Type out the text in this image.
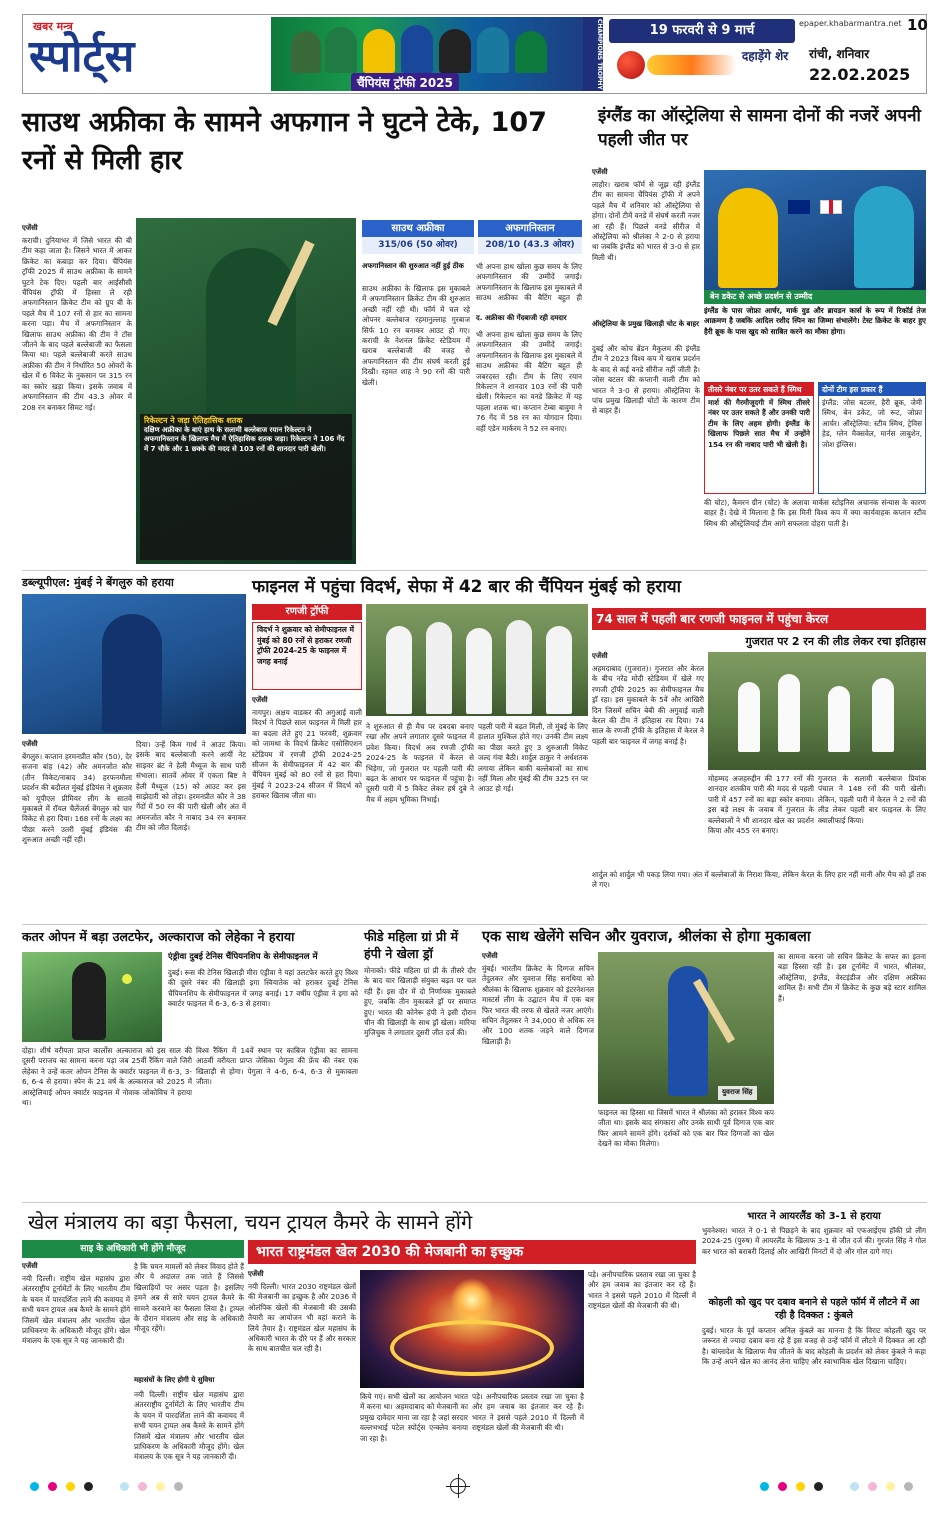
खबर मन्त्र
स्पोर्ट्स
चैंपियंस ट्रॉफी 2025	CHAMPIONS TROPHY	19 फरवरी से 9 मार्च
दहाड़ेंगे शेर
epaper.khabarmantra.net 10
रांची, शनिवार
22.02.2025
साउथ अफ्रीका के सामने अफगान ने घुटने टेके, 107 रनों से मिली हार
एजेंसी
कराची। दुनियाभर में जिसे भारत की बी टीम कहा जाता है। जिसने भारत में आकर क्रिकेट का कबाड़ा कर दिया। चैंपियंस ट्रॉफी 2025 में साउथ अफ्रीका के सामने घुटने टेक दिए। पहली बार आईसीसी चैंपियंस ट्रॉफी में हिस्सा ले रही अफगानिस्तान क्रिकेट टीम को ग्रुप बी के पहले मैच में 107 रनों से हार का सामना करना पड़ा। मैच में अफगानिस्तान के खिलाफ साउथ अफ्रीका की टीम ने टॉस जीतने के बाद पहले बल्लेबाजी का फैसला किया था। पहले बल्लेबाजी करते साउथ अफ्रीका की टीम ने निर्धारित 50 ओवरों के खेल में 6 विकेट के नुकसान पर 315 रन का स्कोर खड़ा किया। इसके जवाब में अफगानिस्तान की टीम 43.3 ओवर में 208 रन बनाकर सिमट गई।
रिकेल्टन ने जड़ा ऐतिहासिक शतक
दक्षिण अफ्रीका के बाएं हाथ के सलामी बल्लेबाज रयान रिकेल्टन ने अफगानिस्तान के खिलाफ मैच में ऐतिहासिक शतक जड़ा। रिकेल्टन ने 106 गेंद में 7 चौके और 1 छक्के की मदद से 103 रनों की शानदार पारी खेली।
साउथ अफ्रीका
315/06 (50 ओवर)
अफगानिस्तान
208/10 (43.3 ओवर)
अफगानिस्तान की शुरुआत नहीं हुई ठीक
साउथ अफ्रीका के खिलाफ इस मुकाबले में अफगानिस्तान क्रिकेट टीम की शुरुआत अच्छी नहीं रही थी। फॉर्म में चल रहे ओपनर बल्लेबाज रहमानुल्लाह गुरबाज सिर्फ 10 रन बनाकर आउट हो गए। कराची के नेशनल क्रिकेट स्टेडियम में खराब बल्लेबाजी की वजह से अफगानिस्तान की टीम संघर्ष करती हुई दिखी। रहमत शाह ने 90 रनों की पारी खेली।
भी अपना हाथ खोला कुछ समय के लिए अफगानिस्तान की उम्मीदें जगाईं। अफगानिस्तान के खिलाफ इस मुकाबले में साउथ अफ्रीका की बैटिंग बहुत ही
द. अफ्रीका की गेंदबाजी रही दमदार
भी अपना हाथ खोला कुछ समय के लिए अफगानिस्तान की उम्मीदें जगाईं। अफगानिस्तान के खिलाफ इस मुकाबले में साउथ अफ्रीका की बैटिंग बहुत ही जबरदस्त रही। टीम के लिए रयान रिकेल्टन ने शानदार 103 रनों की पारी खेली। रिकेल्टन का वनडे क्रिकेट में यह पहला शतक था। कप्तान टेम्बा बावुमा ने 76 गेंद में 58 रन का योगदान दिया। वहीं एडेन मार्करम ने 52 रन बनाए।
इंग्लैंड का ऑस्ट्रेलिया से सामना दोनों की नजरें अपनी पहली जीत पर
एजेंसी
लाहौर। खराब फॉर्म से जूझ रही इंग्लैंड टीम का सामना चैंपियंस ट्रॉफी में अपने पहले मैच में शनिवार को ऑस्ट्रेलिया से होगा। दोनों टीमें वनडे में संघर्ष करती नजर आ रही हैं। पिछले वनडे सीरीज में ऑस्ट्रेलिया को श्रीलंका ने 2-0 से हराया था जबकि इंग्लैंड को भारत से 3-0 से हार मिली थी।
ऑस्ट्रेलिया के प्रमुख खिलाड़ी चोट के बाहर
दुबई और कोच ब्रेंडन मैकुलम की इंग्लैंड टीम ने 2023 विश्व कप में खराब प्रदर्शन के बाद से कई वनडे सीरीज नहीं जीती है। जोस बटलर की कप्तानी वाली टीम को भारत ने 3-0 से हराया। ऑस्ट्रेलिया के पांच प्रमुख खिलाड़ी चोटों के कारण टीम से बाहर हैं।
बेन डकेट से अच्छे प्रदर्शन से उम्मीद
इंग्लैंड के पास जोफ्रा आर्चर, मार्क वुड और ब्रायडन कार्स के रूप में रिकॉर्ड तेज आक्रमण है जबकि आदिल रशीद स्पिन का जिम्मा संभालेंगे। टेस्ट क्रिकेट के बाहर हुए हैरी ब्रूक के पास खुद को साबित करने का मौका होगा।
तीसरे नंबर पर उतर सकते हैं स्मिथ
मार्श की गैरमौजूदगी में स्मिथ तीसरे नंबर पर उतर सकते हैं और उनकी पारी टीम के लिए अहम होगी। इंग्लैंड के खिलाफ पिछले सात मैच में उन्होंने 154 रन की नाबाद पारी भी खेली है।
दोनों टीम इस प्रकार हैं
इंग्लैंड: जोस बटलर, हैरी ब्रूक, जेमी स्मिथ, बेन डकेट, जो रूट, जोफ्रा आर्चर। ऑस्ट्रेलिया: स्टीव स्मिथ, ट्रेविस हेड, ग्लेन मैक्सवेल, मार्नस लाबुशेन, जोश इंग्लिस।
की चोट), कैमरन ग्रीन (चोट) के अलावा मार्कस स्टोइनिस अचानक संन्यास के कारण बाहर हैं। देखे में मिलाना है कि इस मिनी विश्व कप में क्या कार्यवाहक कप्तान स्टीव स्मिथ की ऑस्ट्रेलियाई टीम आगे सफलता दोहरा पाती है।
डब्ल्यूपीएल: मुंबई ने बेंगलुरु को हराया
एजेंसी
बेंगलुरु। कप्तान हरमनप्रीत कौर (50), देर सजना बांह (42) और अमनजोत कौर (तीन विकेट/नाबाद 34) हरफनमौला प्रदर्शन की बदौलत मुंबई इंडियंस ने शुक्रवार को यूपीएल प्रीमियर लीग के सातवें मुकाबले में रॉयल चैलेंजर्स बेंगलुरु को चार विकेट से हरा दिया। 168 रनों के लक्ष्य का पीछा करने उतरी मुंबई इंडियंस की शुरुआत अच्छी नहीं रही।
दिया। उन्हें किम गार्थ ने आउट किया। इसके बाद बल्लेबाजी करने आयीं नेट साइवर ब्रंट ने हेली मैथ्यूज के साथ पारी संभाला। सातवें ओवर में एकता बिष्ट ने हेली मैथ्यूज (15) को आउट कर इस साझेदारी को तोड़ा। हरमनप्रीत कौर ने 38 गेंदों में 50 रन की पारी खेली और अंत में अमनजोत कौर ने नाबाद 34 रन बनाकर टीम को जीत दिलाई।
फाइनल में पहुंचा विदर्भ, सेफा में 42 बार की चैंपियन मुंबई को हराया
रणजी ट्रॉफी
विदर्भ ने शुक्रवार को सेमीफाइनल में मुंबई को 80 रनों से हराकर रणजी ट्रॉफी 2024-25 के फाइनल में जगह बनाई
एजेंसी
नागपुर। अक्षय वाडकर की अगुआई वाली विदर्भ ने पिछले साल फाइनल में मिली हार का बदला लेते हुए 21 फरवरी, शुक्रवार को जामथा के विदर्भ क्रिकेट एसोसिएशन स्टेडियम में रणजी ट्रॉफी 2024-25 सीजन के सेमीफाइनल में 42 बार की चैंपियन मुंबई को 80 रनों से हरा दिया। मुंबई ने 2023-24 सीजन में विदर्भ को हराकर खिताब जीता था।
ने शुरुआत से ही मैच पर दबदबा बनाए रखा और अपने लगातार दूसरे फाइनल में प्रवेश किया। विदर्भ अब रणजी ट्रॉफी 2024-25 के फाइनल में केरल से भिड़ेगा, जो गुजरात पर पहली पारी की बढ़त के आधार पर फाइनल में पहुंचा है। दूसरी पारी में 5 विकेट लेकर हर्ष दुबे ने मैच में अहम भूमिका निभाई।
पहली पारी में बढ़त मिली, तो मुंबई के लिए हालात मुश्किल होते गए। उनकी टीम लक्ष्य का पीछा करते हुए 3 शुरुआती विकेट जल्द गंवा बैठी। शार्दुल ठाकुर ने अर्धशतक लगाया लेकिन बाकी बल्लेबाजों का साथ नहीं मिला और मुंबई की टीम 325 रन पर आउट हो गई।
74 साल में पहली बार रणजी फाइनल में पहुंचा केरल
गुजरात पर 2 रन की लीड लेकर रचा इतिहास
एजेंसी
अहमदाबाद (गुजरात)। गुजरात और केरल के बीच नरेंद्र मोदी स्टेडियम में खेले गए रणजी ट्रॉफी 2025 का सेमीफाइनल मैच ड्रॉ रहा। इस मुकाबले के 5वें और आखिरी दिन जिसमें सचिन बेबी की अगुवाई वाली केरल की टीम ने इतिहास रच दिया। 74 साल के रणजी ट्रॉफी के इतिहास में केरल ने पहली बार फाइनल में जगह बनाई है।
मोहम्मद अजहरुद्दीन की 177 रनों की शानदार शतकीय पारी की मदद से पहली पारी में 457 रनों का बड़ा स्कोर बनाया। इस बड़े लक्ष्य के जवाब में गुजरात के बल्लेबाजों ने भी शानदार खेल का प्रदर्शन किया और 455 रन बनाए।
गुजरात के सलामी बल्लेबाज प्रियांक पंचाल ने 148 रनों की पारी खेली। लेकिन, पहली पारी में केरल ने 2 रनों की लीड लेकर पहली बार फाइनल के लिए क्वालीफाई किया।
शार्दुल को शार्दुल भी पकड़ लिया गया। अंत में बल्लेबाजों के निराश किया, लेकिन केरल के लिए हार नहीं मानी और मैच को ड्रॉ तक ले गए।
कतर ओपन में बड़ा उलटफेर, अल्काराज को लेहेका ने हराया
एंड्रीवा दुबई टेनिस चैंपियनशिप के सेमीफाइनल में
दुबई। रूस की टेनिस खिलाड़ी मीरा एंड्रीवा ने यहां उलटफेर करते हुए विश्व की दूसरे नंबर की खिलाड़ी इगा स्वियातेक को हराकर दुबई टेनिस चैंपियनशिप के सेमीफाइनल में जगह बनाई। 17 वर्षीय एंड्रीवा ने इगा को क्वार्टर फाइनल में 6-3, 6-3 से हराया।
दोहा। शीर्ष वरीयता प्राप्त कार्लोस अल्काराज को इस साल की दूसरी पराजय का सामना करना पड़ा जब 25वीं रैंकिंग वाले जिरी लेहेका ने उन्हें कतर ओपन टेनिस के क्वार्टर फाइनल में 6-3, 3-6, 6-4 से हराया। स्पेन के 21 वर्ष के अल्काराज को 2025 में आस्ट्रेलियाई ओपन क्वार्टर फाइनल में नोवाक जोकोविच ने हराया था।
विश्व रैंकिंग में 14वें स्थान पर काबिज एंड्रीवा का सामना आठवीं वरीयता प्राप्त जेसिका पेगुला की फ्रेंच की नंबर एक खिलाड़ी से होगा। पेगुला ने 4-6, 6-4, 6-3 से मुकाबला जीता।
फीडे महिला ग्रां प्री में हंपी ने खेला ड्रॉ
मोनाको। फीडे महिला ग्रां प्री के तीसरे दौर के बाद चार खिलाड़ी संयुक्त बढ़त पर चल रही हैं। इस दौर में दो निर्णायक मुकाबले हुए, जबकि तीन मुकाबले ड्रॉ पर समाप्त हुए। भारत की कोनेरू हंपी ने इसी दौरान चीन की खिलाड़ी के साथ ड्रॉ खेला। मारिया मुजिचुक ने लगातार दूसरी जीत दर्ज की।
एक साथ खेलेंगे सचिन और युवराज, श्रीलंका से होगा मुकाबला
एजेंसी
मुंबई। भारतीय क्रिकेट के दिग्गज सचिन तेंदुलकर और युवराज सिंह सनथिया को श्रीलंका के खिलाफ शुक्रवार को इंटरनेशनल मास्टर्स लीग के उद्घाटन मैच में एक बार फिर भारत की तरफ से खेलते नजर आएंगे। सचिन तेंदुलकर ने 34,000 से अधिक रन और 100 शतक जड़ने वाले दिग्गज खिलाड़ी हैं।
युवराज सिंह
फाइनल का हिस्सा था जिसमें भारत ने श्रीलंका को हराकर विश्व कप जीता था। इसके बाद संगकारा और उनके साथी पूर्व दिग्गज एक बार फिर आमने सामने होंगे। दर्शकों को एक बार फिर दिग्गजों का खेल देखने का मौका मिलेगा।
का सामना करना जो सचिन क्रिकेट के सफर का इतना बड़ा हिस्सा रही है। इस टूर्नामेंट में भारत, श्रीलंका, ऑस्ट्रेलिया, इंग्लैंड, वेस्टइंडीज और दक्षिण अफ्रीका शामिल हैं। सभी टीम में क्रिकेट के कुछ बड़े स्टार शामिल हैं।
खेल मंत्रालय का बड़ा फैसला, चयन ट्रायल कैमरे के सामने होंगे
साइ के अधिकारी भी होंगे मौजूद
एजेंसी
नयी दिल्ली। राष्ट्रीय खेल महासंघ द्वारा अंतरराष्ट्रीय टूर्नामेंटों के लिए भारतीय टीम के चयन में पारदर्शिता लाने की कवायद में सभी चयन ट्रायल अब कैमरे के सामने होंगे जिसमें खेल मंत्रालय और भारतीय खेल प्राधिकरण के अधिकारी मौजूद होंगे। खेल मंत्रालय के एक सूत्र ने यह जानकारी दी।
है कि चयन मामलों को लेकर विवाद होते हैं और ये अदालत तक जाते हैं जिससे खिलाड़ियों पर असर पड़ता है। इसलिए हमने अब से सारे चयन ट्रायल कैमरे के सामने करवाने का फैसला लिया है। ट्रायल के दौरान मंत्रालय और साइ के अधिकारी मौजूद रहेंगे।
महासंघों के लिए होगी ये सुविधा
नयी दिल्ली। राष्ट्रीय खेल महासंघ द्वारा अंतरराष्ट्रीय टूर्नामेंटों के लिए भारतीय टीम के चयन में पारदर्शिता लाने की कवायद में सभी चयन ट्रायल अब कैमरे के सामने होंगे जिसमें खेल मंत्रालय और भारतीय खेल प्राधिकरण के अधिकारी मौजूद होंगे। खेल मंत्रालय के एक सूत्र ने यह जानकारी दी।
भारत राष्ट्रमंडल खेल 2030 की मेजबानी का इच्छुक
एजेंसी
नयी दिल्ली। भारत 2030 राष्ट्रमंडल खेलों की मेजबानी का इच्छुक है और 2036 में ओलंपिक खेलों की मेजबानी की उसकी तैयारी का आयोजन भी वहां कराने के लिये तैयार है। राष्ट्रमंडल खेल महासंघ के अधिकारी भारत के दौरे पर हैं और सरकार के साथ बातचीत चल रही है।
किये गए। सभी खेलों का आयोजन भारत में करना था। अहमदाबाद को मेजबानी का प्रमुख दावेदार माना जा रहा है जहां सरदार वल्लभभाई पटेल स्पोर्ट्स एन्क्लेव बनाया जा रहा है।
पड़े। अनौपचारिक प्रस्ताव रखा जा चुका है और हम जवाब का इंतजार कर रहे हैं। भारत ने इससे पहले 2010 में दिल्ली में राष्ट्रमंडल खेलों की मेजबानी की थी।
पड़े। अनौपचारिक प्रस्ताव रखा जा चुका है और हम जवाब का इंतजार कर रहे हैं। भारत ने इससे पहले 2010 में दिल्ली में राष्ट्रमंडल खेलों की मेजबानी की थी।
भारत ने आयरलैंड को 3-1 से हराया
भुवनेश्वर। भारत ने 0-1 से पिछड़ने के बाद शुक्रवार को एफआईएच हॉकी प्रो लीग 2024-25 (पुरुष) में आयरलैंड के खिलाफ 3-1 से जीत दर्ज की। गुरजंत सिंह ने गोल कर भारत को बराबरी दिलाई और आखिरी मिनटों में दो और गोल दागे गए।
कोहली को खुद पर दबाव बनाने से पहले फॉर्म में लौटने में आ रही है दिक्कत : कुंबले
दुबई। भारत के पूर्व कप्तान अनिल कुंबले का मानना है कि विराट कोहली खुद पर जरूरत से ज्यादा दबाव बना रहे हैं इस वजह से उन्हें फॉर्म में लौटने में दिक्कत आ रही है। बांग्लादेश के खिलाफ मैच जीतने के बाद कोहली के प्रदर्शन को लेकर कुंबले ने कहा कि उन्हें अपने खेल का आनंद लेना चाहिए और स्वाभाविक खेल दिखाना चाहिए।
